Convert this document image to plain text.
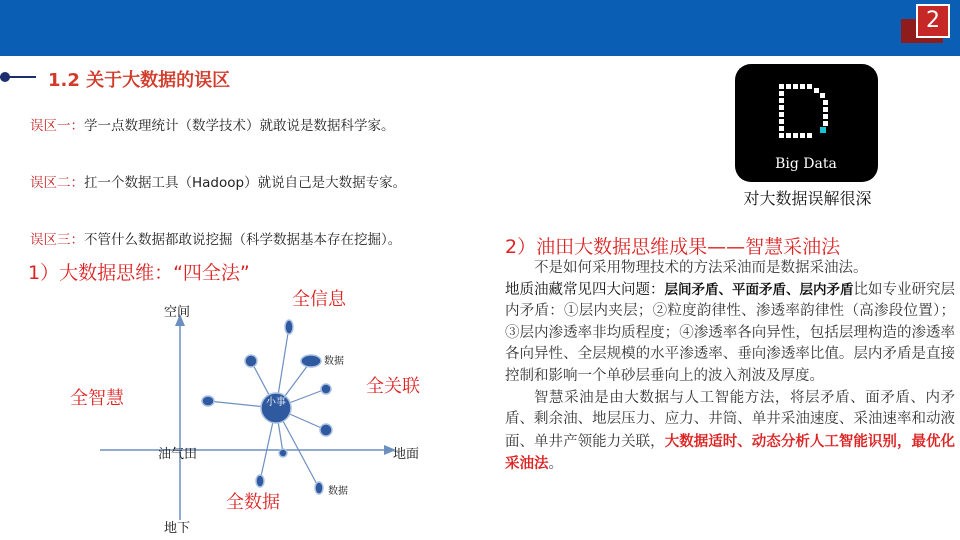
2
1.2 关于大数据的误区
误区一：学一点数理统计（数学技术）就敢说是数据科学家。
误区二：扛一个数据工具（Hadoop）就说自己是大数据专家。
误区三：不管什么数据都敢说挖掘（科学数据基本存在挖掘）。
1）大数据思维：“四全法”
小事
空间
地下
油气田	地面
数据
数据
全信息
全智慧
全关联
全数据
Big Data
对大数据误解很深
2）油田大数据思维成果——智慧采油法

不是如何采用物理技术的方法采油而是数据采油法。

地质油藏常见四大问题：层间矛盾、平面矛盾、层内矛盾比如专业研究层内矛盾：①层内夹层；②粒度韵律性、渗透率韵律性（高渗段位置）；③层内渗透率非均质程度；④渗透率各向异性，包括层理构造的渗透率各向异性、全层规模的水平渗透率、垂向渗透率比值。层内矛盾是直接控制和影响一个单砂层垂向上的波入剂波及厚度。

智慧采油是由大数据与人工智能方法，将层矛盾、面矛盾、内矛盾、剩余油、地层压力、应力、井筒、单井采油速度、采油速率和动液面、单井产领能力关联，大数据适时、动态分析人工智能识别，最优化采油法。
